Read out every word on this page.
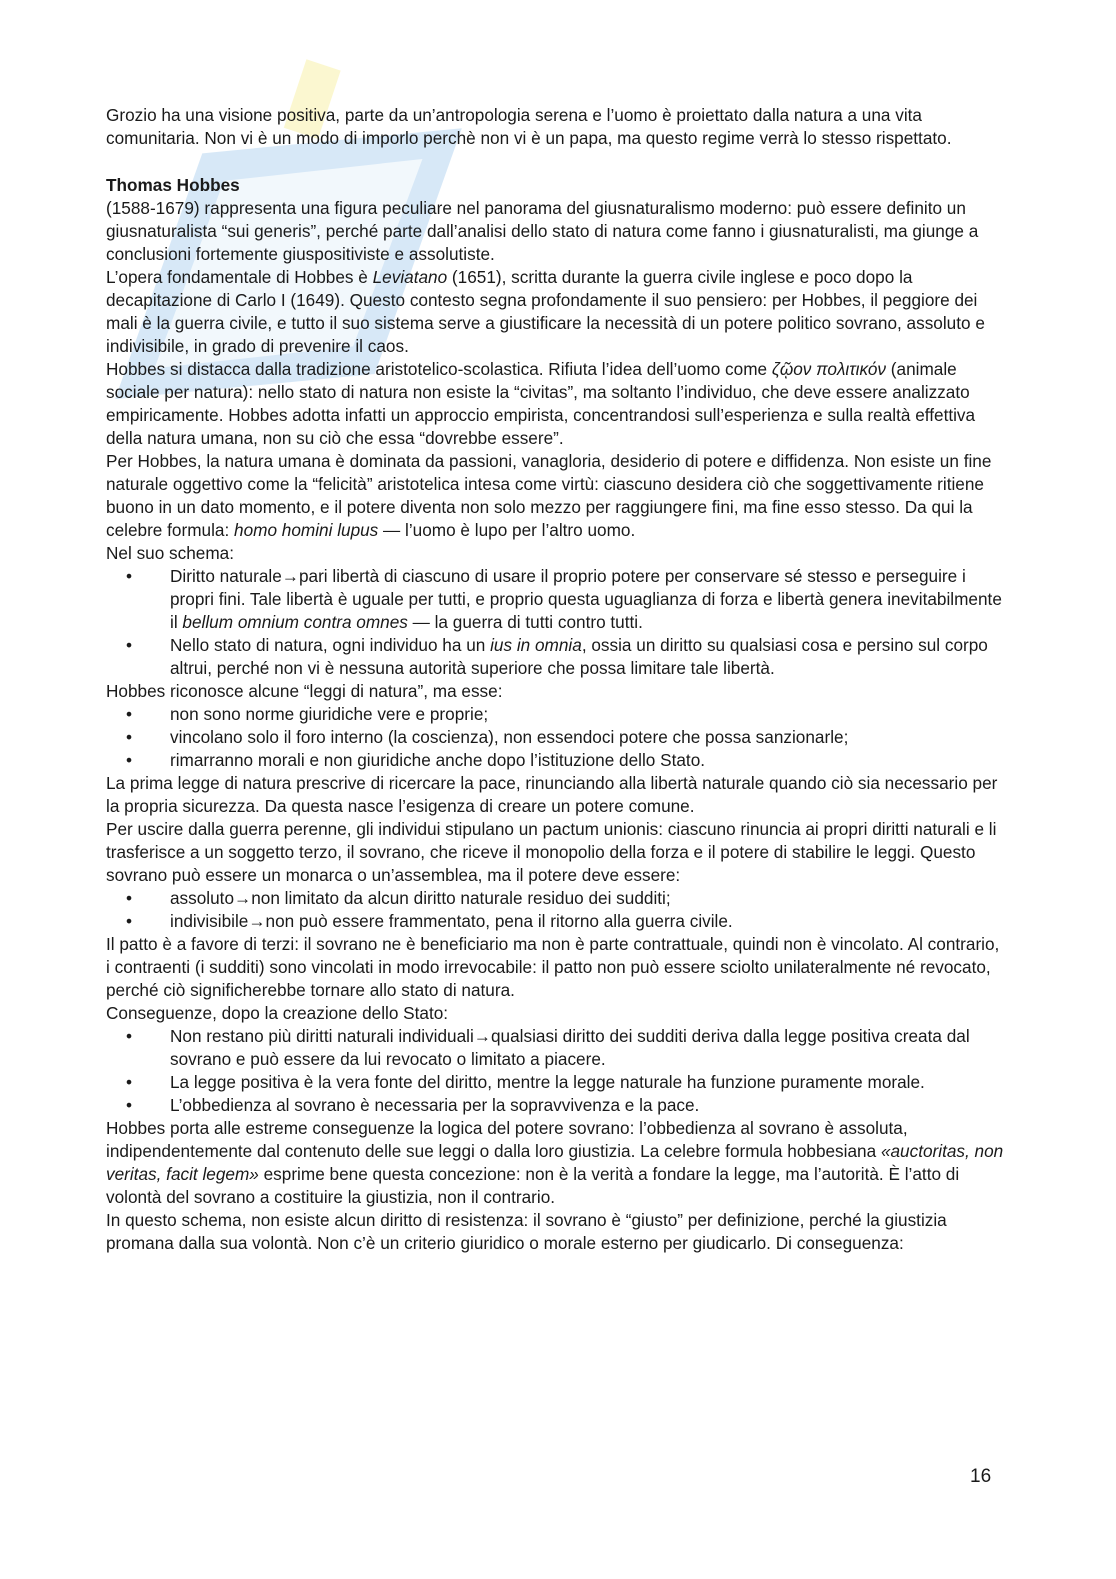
Grozio ha una visione positiva, parte da un’antropologia serena e l’uomo è proiettato dalla natura a una vita comunitaria. Non vi è un modo di imporlo perchè non vi è un papa, ma questo regime verrà lo stesso rispettato.

Thomas Hobbes

(1588-1679) rappresenta una figura peculiare nel panorama del giusnaturalismo moderno: può essere definito un giusnaturalista “sui generis”, perché parte dall’analisi dello stato di natura come fanno i giusnaturalisti, ma giunge a conclusioni fortemente giuspositiviste e assolutiste.

L’opera fondamentale di Hobbes è Leviatano (1651), scritta durante la guerra civile inglese e poco dopo la decapitazione di Carlo I (1649). Questo contesto segna profondamente il suo pensiero: per Hobbes, il peggiore dei mali è la guerra civile, e tutto il suo sistema serve a giustificare la necessità di un potere politico sovrano, assoluto e indivisibile, in grado di prevenire il caos.

Hobbes si distacca dalla tradizione aristotelico-scolastica. Rifiuta l’idea dell’uomo come ζῷον πολιτικόν (animale sociale per natura): nello stato di natura non esiste la “civitas”, ma soltanto l’individuo, che deve essere analizzato empiricamente. Hobbes adotta infatti un approccio empirista, concentrandosi sull’esperienza e sulla realtà effettiva della natura umana, non su ciò che essa “dovrebbe essere”.

Per Hobbes, la natura umana è dominata da passioni, vanagloria, desiderio di potere e diffidenza. Non esiste un fine naturale oggettivo come la “felicità” aristotelica intesa come virtù: ciascuno desidera ciò che soggettivamente ritiene buono in un dato momento, e il potere diventa non solo mezzo per raggiungere fini, ma fine esso stesso. Da qui la celebre formula: homo homini lupus — l’uomo è lupo per l’altro uomo.

Nel suo schema:

• Diritto naturale→pari libertà di ciascuno di usare il proprio potere per conservare sé stesso e perseguire i propri fini. Tale libertà è uguale per tutti, e proprio questa uguaglianza di forza e libertà genera inevitabilmente il bellum omnium contra omnes — la guerra di tutti contro tutti.
• Nello stato di natura, ogni individuo ha un ius in omnia, ossia un diritto su qualsiasi cosa e persino sul corpo altrui, perché non vi è nessuna autorità superiore che possa limitare tale libertà.

Hobbes riconosce alcune “leggi di natura”, ma esse:

• non sono norme giuridiche vere e proprie;
• vincolano solo il foro interno (la coscienza), non essendoci potere che possa sanzionarle;
• rimarranno morali e non giuridiche anche dopo l’istituzione dello Stato.

La prima legge di natura prescrive di ricercare la pace, rinunciando alla libertà naturale quando ciò sia necessario per la propria sicurezza. Da questa nasce l’esigenza di creare un potere comune.

Per uscire dalla guerra perenne, gli individui stipulano un pactum unionis: ciascuno rinuncia ai propri diritti naturali e li trasferisce a un soggetto terzo, il sovrano, che riceve il monopolio della forza e il potere di stabilire le leggi. Questo sovrano può essere un monarca o un’assemblea, ma il potere deve essere:

• assoluto→non limitato da alcun diritto naturale residuo dei sudditi;
• indivisibile→non può essere frammentato, pena il ritorno alla guerra civile.

Il patto è a favore di terzi: il sovrano ne è beneficiario ma non è parte contrattuale, quindi non è vincolato. Al contrario, i contraenti (i sudditi) sono vincolati in modo irrevocabile: il patto non può essere sciolto unilateralmente né revocato, perché ciò significherebbe tornare allo stato di natura.

Conseguenze, dopo la creazione dello Stato:

• Non restano più diritti naturali individuali→qualsiasi diritto dei sudditi deriva dalla legge positiva creata dal sovrano e può essere da lui revocato o limitato a piacere.
• La legge positiva è la vera fonte del diritto, mentre la legge naturale ha funzione puramente morale.
• L’obbedienza al sovrano è necessaria per la sopravvivenza e la pace.

Hobbes porta alle estreme conseguenze la logica del potere sovrano: l’obbedienza al sovrano è assoluta, indipendentemente dal contenuto delle sue leggi o dalla loro giustizia. La celebre formula hobbesiana «auctoritas, non veritas, facit legem» esprime bene questa concezione: non è la verità a fondare la legge, ma l’autorità. È l’atto di volontà del sovrano a costituire la giustizia, non il contrario.

In questo schema, non esiste alcun diritto di resistenza: il sovrano è “giusto” per definizione, perché la giustizia promana dalla sua volontà. Non c’è un criterio giuridico o morale esterno per giudicarlo. Di conseguenza:

16
